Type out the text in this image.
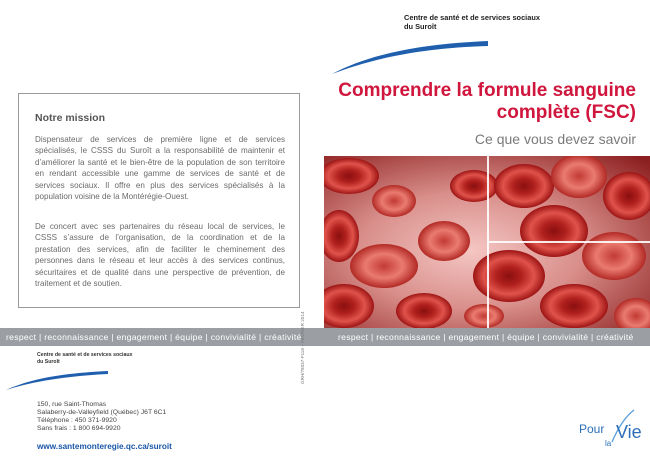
Notre mission

Dispensateur de services de première ligne et de services spécialisés, le CSSS du Suroît a la responsabilité de maintenir et d’améliorer la santé et le bien-être de la population de son territoire en rendant accessible une gamme de services de santé et de services sociaux. Il offre en plus des services spécialisés à la population voisine de la Montérégie-Ouest.

De concert avec ses partenaires du réseau local de services, le CSSS s’assure de l’organisation, de la coordination et de la prestation des services, afin de faciliter le cheminement des personnes dans le réseau et leur accès à des services continus, sécuritaires et de qualité dans une perspective de prévention, de traitement et de soutien.

Centre de santé et de services sociaux
du Suroît
Comprendre la formule sanguine
complète (FSC)
Ce que vous devez savoir
respect | reconnaissance | engagement | équipe | convivialité | créativité	respect | reconnaissance | engagement | équipe | convivialité | créativité
Centre de santé et de services sociaux
du Suroît
150, rue Saint-Thomas
Salaberry-de-Valleyfield (Québec) J6T 6C1
Téléphone : 450 371-9920
Sans frais : 1 800 694-9920
www.santemonteregie.qc.ca/suroit
GRH/78037-F118 – FÉVRIER 2014
Pour
la
Vie
